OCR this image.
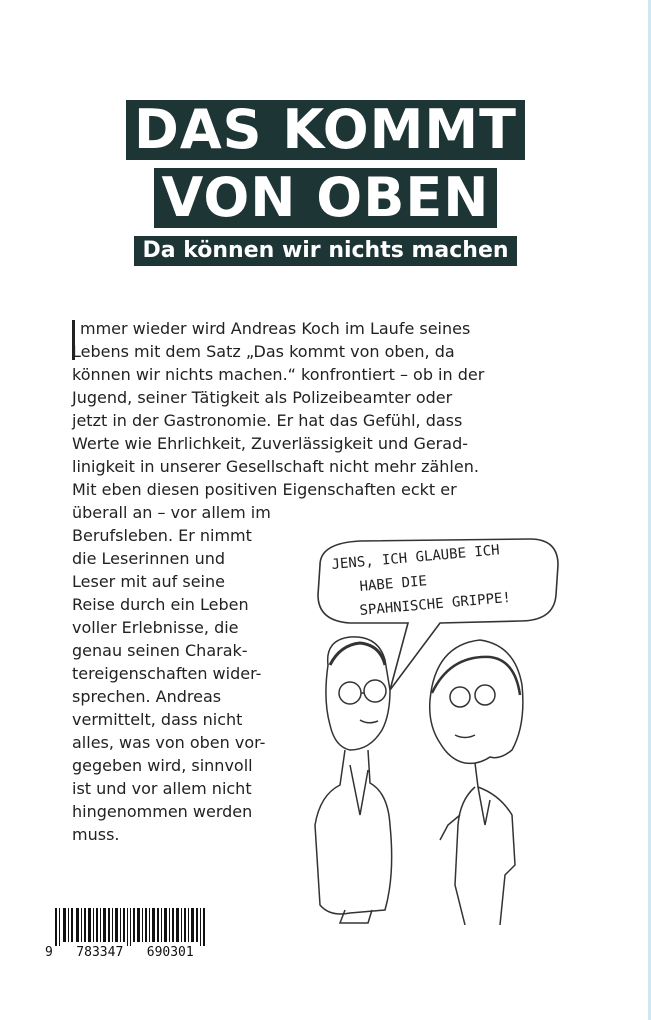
DAS KOMMT
VON OBEN
Da können wir nichts machen
mmer wieder wird Andreas Koch im Laufe seines
Lebens mit dem Satz „Das kommt von oben, da
können wir nichts machen.“ konfrontiert – ob in der
Jugend, seiner Tätigkeit als Polizeibeamter oder
jetzt in der Gastronomie. Er hat das Gefühl, dass
Werte wie Ehrlichkeit, Zuverlässigkeit und Gerad-
linigkeit in unserer Gesellschaft nicht mehr zählen.
Mit eben diesen positiven Eigenschaften eckt er
überall an – vor allem im
Berufsleben. Er nimmt
die Leserinnen und
Leser mit auf seine
Reise durch ein Leben
voller Erlebnisse, die
genau seinen Charak-
tereigenschaften wider-
sprechen. Andreas
vermittelt, dass nicht
alles, was von oben vor-
gegeben wird, sinnvoll
ist und vor allem nicht
hingenommen werden
muss.
JENS, ICH GLAUBE ICH
HABE DIE
SPAHNISCHE GRIPPE!
9   783347   690301
